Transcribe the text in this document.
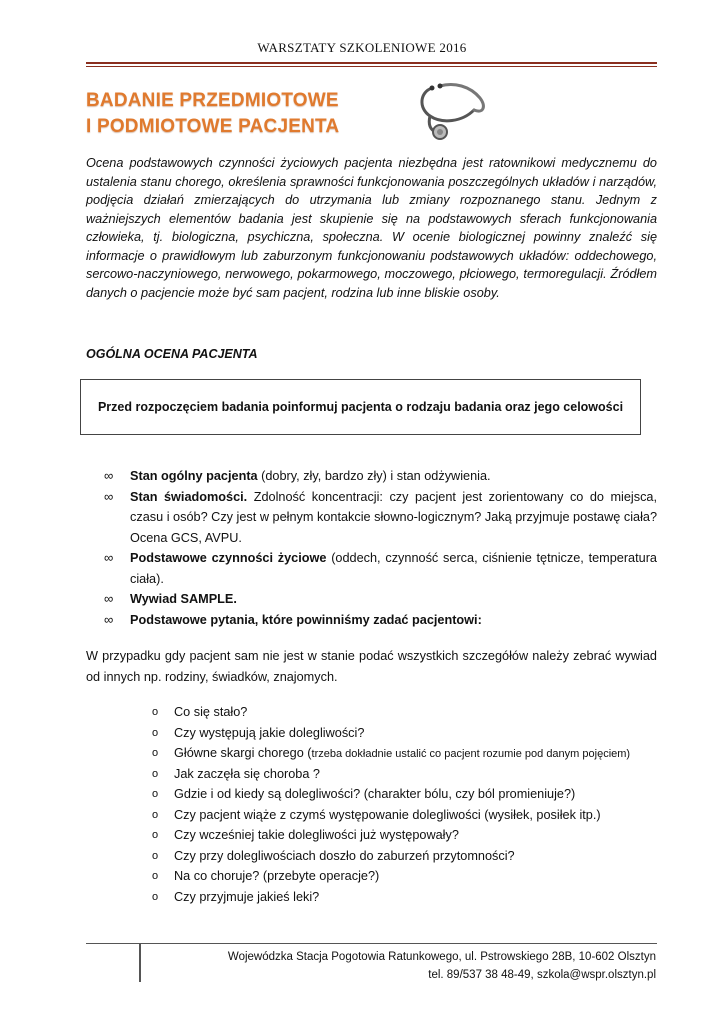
WARSZTATY SZKOLENIOWE 2016
BADANIE PRZEDMIOTOWE
I PODMIOTOWE PACJENTA

Ocena podstawowych czynności życiowych pacjenta niezbędna jest ratownikowi medycznemu do ustalenia stanu chorego, określenia sprawności funkcjonowania poszczególnych układów i narządów, podjęcia działań zmierzających do utrzymania lub zmiany rozpoznanego stanu. Jednym z ważniejszych elementów badania jest skupienie się na podstawowych sferach funkcjonowania człowieka, tj. biologiczna, psychiczna, społeczna. W ocenie biologicznej powinny znaleźć się informacje o prawidłowym lub zaburzonym funkcjonowaniu podstawowych układów: oddechowego, sercowo-naczyniowego, nerwowego, pokarmowego, moczowego, płciowego, termoregulacji. Źródłem danych o pacjencie może być sam pacjent, rodzina lub inne bliskie osoby.

OGÓLNA OCENA PACJENTA

Przed rozpoczęciem badania poinformuj pacjenta o rodzaju badania oraz jego celowości
∞ Stan ogólny pacjenta (dobry, zły, bardzo zły) i stan odżywienia.
∞ Stan świadomości. Zdolność koncentracji: czy pacjent jest zorientowany co do miejsca, czasu i osób? Czy jest w pełnym kontakcie słowno-logicznym? Jaką przyjmuje postawę ciała? Ocena GCS, AVPU.
∞ Podstawowe czynności życiowe (oddech, czynność serca, ciśnienie tętnicze, temperatura ciała).
∞ Wywiad SAMPLE.
∞ Podstawowe pytania, które powinniśmy zadać pacjentowi:

W przypadku gdy pacjent sam nie jest w stanie podać wszystkich szczegółów należy zebrać wywiad od innych np. rodziny, świadków, znajomych.

o Co się stało?
o Czy występują jakie dolegliwości?
o Główne skargi chorego (trzeba dokładnie ustalić co pacjent rozumie pod danym pojęciem)
o Jak zaczęła się choroba ?
o Gdzie i od kiedy są dolegliwości? (charakter bólu, czy ból promieniuje?)
o Czy pacjent wiąże z czymś występowanie dolegliwości (wysiłek, posiłek itp.)
o Czy wcześniej takie dolegliwości już występowały?
o Czy przy dolegliwościach doszło do zaburzeń przytomności?
o Na co choruje? (przebyte operacje?)
o Czy przyjmuje jakieś leki?
Wojewódzka Stacja Pogotowia Ratunkowego, ul. Pstrowskiego 28B, 10-602 Olsztyn
tel. 89/537 38 48-49, szkola@wspr.olsztyn.pl
